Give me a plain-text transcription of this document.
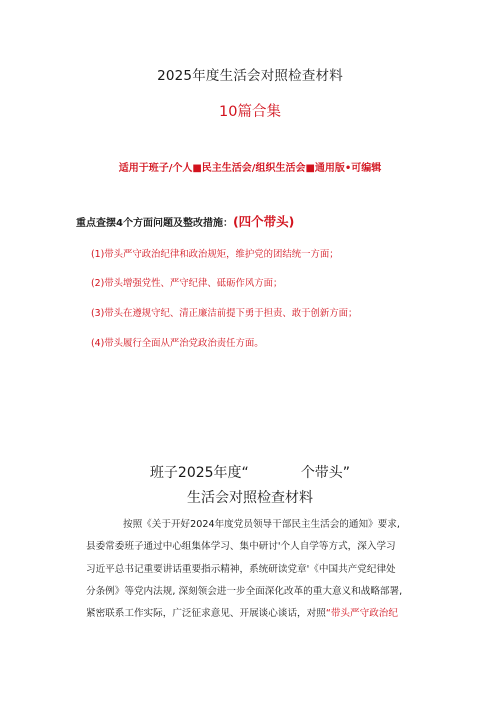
2025年度生活会对照检查材料
10篇合集
适用于班子/个人■民主生活会/组织生活会■通用版•可编辑
重点查摆4个方面问题及整改措施：(四个带头)
(1)带头严守政治纪律和政治规矩，维护党的团结统一方面；
(2)带头增强党性、严守纪律、砥砺作风方面；
(3)带头在遵规守纪、清正廉洁前提下勇于担责、敢于创新方面；
(4)带头履行全面从严治党政治责任方面。
班子2025年度“	个带头”
生活会对照检查材料
按照《关于开好2024年度党员领导干部民主生活会的通知》要求,
县委常委班子通过中心组集体学习、集中研讨'个人自学等方式，深入学习
习近平总书记重要讲话重要指示精神，系统研读党章'《中国共产党纪律处
分条例》等党内法规, 深刻领会进一步全面深化改革的重大意义和战略部署,
紧密联系工作实际，广泛征求意见、开展谈心谈话，对照“带头严守政治纪
